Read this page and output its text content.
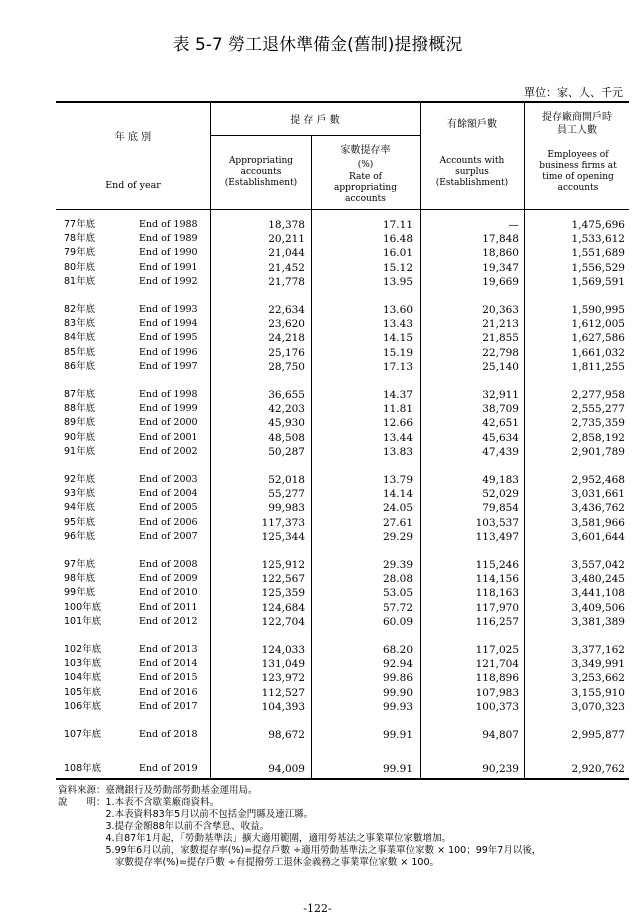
表 5-7 勞工退休準備金(舊制)提撥概況
單位：家、人、千元
年 底 別
End of year
提 存 戶 數
Appropriating accounts (Establishment)
家數提存率
(%)
Rate of appropriating accounts
有餘額戶數
Accounts with surplus (Establishment)
提存廠商開戶時員工人數
Employees of business firms at time of opening accounts
77年底	End of 1988	18,378	17.11	—	1,475,696
78年底	End of 1989	20,211	16.48	17,848	1,533,612
79年底	End of 1990	21,044	16.01	18,860	1,551,689
80年底	End of 1991	21,452	15.12	19,347	1,556,529
81年底	End of 1992	21,778	13.95	19,669	1,569,591
82年底	End of 1993	22,634	13.60	20,363	1,590,995
83年底	End of 1994	23,620	13.43	21,213	1,612,005
84年底	End of 1995	24,218	14.15	21,855	1,627,586
85年底	End of 1996	25,176	15.19	22,798	1,661,032
86年底	End of 1997	28,750	17.13	25,140	1,811,255
87年底	End of 1998	36,655	14.37	32,911	2,277,958
88年底	End of 1999	42,203	11.81	38,709	2,555,277
89年底	End of 2000	45,930	12.66	42,651	2,735,359
90年底	End of 2001	48,508	13.44	45,634	2,858,192
91年底	End of 2002	50,287	13.83	47,439	2,901,789
92年底	End of 2003	52,018	13.79	49,183	2,952,468
93年底	End of 2004	55,277	14.14	52,029	3,031,661
94年底	End of 2005	99,983	24.05	79,854	3,436,762
95年底	End of 2006	117,373	27.61	103,537	3,581,966
96年底	End of 2007	125,344	29.29	113,497	3,601,644
97年底	End of 2008	125,912	29.39	115,246	3,557,042
98年底	End of 2009	122,567	28.08	114,156	3,480,245
99年底	End of 2010	125,359	53.05	118,163	3,441,108
100年底	End of 2011	124,684	57.72	117,970	3,409,506
101年底	End of 2012	122,704	60.09	116,257	3,381,389
102年底	End of 2013	124,033	68.20	117,025	3,377,162
103年底	End of 2014	131,049	92.94	121,704	3,349,991
104年底	End of 2015	123,972	99.86	118,896	3,253,662
105年底	End of 2016	112,527	99.90	107,983	3,155,910
106年底	End of 2017	104,393	99.93	100,373	3,070,323
107年底	End of 2018	98,672	99.91	94,807	2,995,877
108年底	End of 2019	94,009	99.91	90,239	2,920,762
資料來源：臺灣銀行及勞動部勞動基金運用局。
說　　明：1.本表不含歇業廠商資料。
　　　　　2.本表資料83年5月以前不包括金門縣及連江縣。
　　　　　3.提存金額88年以前不含孳息、收益。
　　　　　4.自87年1月起，「勞動基準法」擴大適用範圍，適用勞基法之事業單位家數增加。
　　　　　5.99年6月以前，家數提存率(%)=提存戶數 ÷適用勞動基準法之事業單位家數 × 100；99年7月以後，
　　　　　　家數提存率(%)=提存戶數 ÷有提撥勞工退休金義務之事業單位家數 × 100。
-122-
